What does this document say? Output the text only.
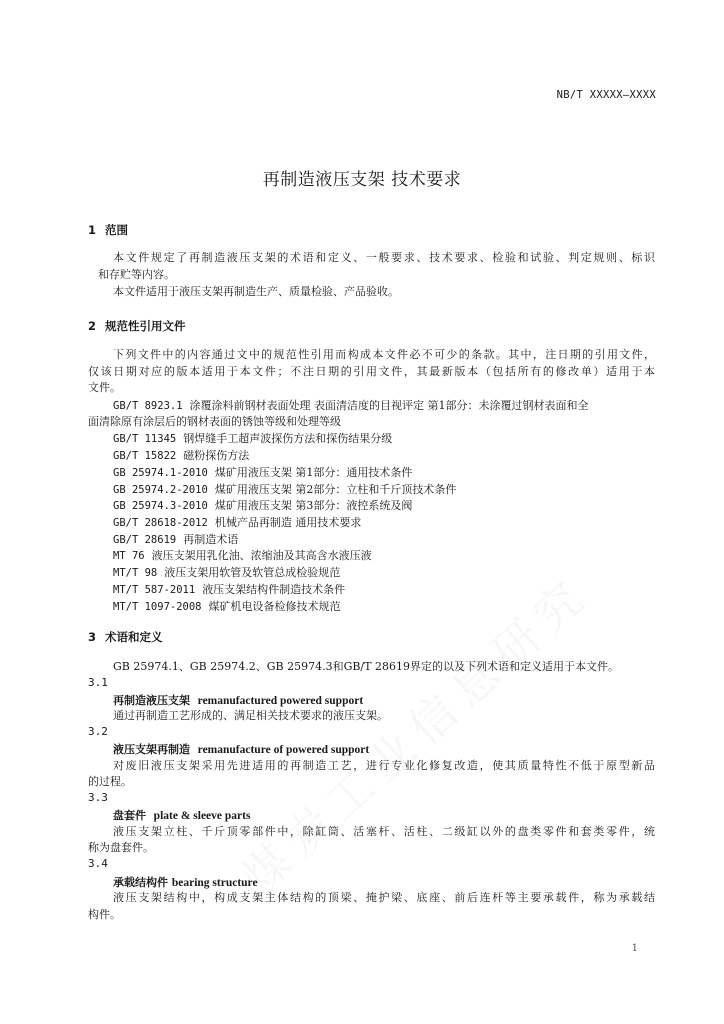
NB/T XXXXX—XXXX
再制造液压支架 技术要求
1 范围
本文件规定了再制造液压支架的术语和定义、一般要求、技术要求、检验和试验、判定规则、标识
和存贮等内容。
本文件适用于液压支架再制造生产、质量检验、产品验收。
2 规范性引用文件
下列文件中的内容通过文中的规范性引用而构成本文件必不可少的条款。其中，注日期的引用文件，
仅该日期对应的版本适用于本文件；不注日期的引用文件，其最新版本（包括所有的修改单）适用于本
文件。
GB/T 8923.1 涂覆涂料前钢材表面处理 表面清洁度的目视评定 第1部分：未涂覆过钢材表面和全
面清除原有涂层后的钢材表面的锈蚀等级和处理等级
GB/T 11345 钢焊缝手工超声波探伤方法和探伤结果分级
GB/T 15822 磁粉探伤方法
GB 25974.1-2010 煤矿用液压支架 第1部分：通用技术条件
GB 25974.2-2010 煤矿用液压支架 第2部分：立柱和千斤顶技术条件
GB 25974.3-2010 煤矿用液压支架 第3部分：液控系统及阀
GB/T 28618-2012 机械产品再制造 通用技术要求
GB/T 28619 再制造术语
MT 76 液压支架用乳化油、浓缩油及其高含水液压液
MT/T 98 液压支架用软管及软管总成检验规范
MT/T 587-2011 液压支架结构件制造技术条件
MT/T 1097-2008 煤矿机电设备检修技术规范
3 术语和定义
GB 25974.1、GB 25974.2、GB 25974.3和GB/T 28619界定的以及下列术语和定义适用于本文件。
3.1
再制造液压支架 remanufactured powered support
通过再制造工艺形成的、满足相关技术要求的液压支架。
3.2
液压支架再制造 remanufacture of powered support
对废旧液压支架采用先进适用的再制造工艺，进行专业化修复改造，使其质量特性不低于原型新品
的过程。
3.3
盘套件 plate & sleeve parts
液压支架立柱、千斤顶零部件中，除缸筒、活塞杆、活柱、二级缸以外的盘类零件和套类零件，统
称为盘套件。
3.4
承载结构件 bearing structure
液压支架结构中，构成支架主体结构的顶梁、掩护梁、底座、前后连杆等主要承载件，称为承载结
构件。
1
